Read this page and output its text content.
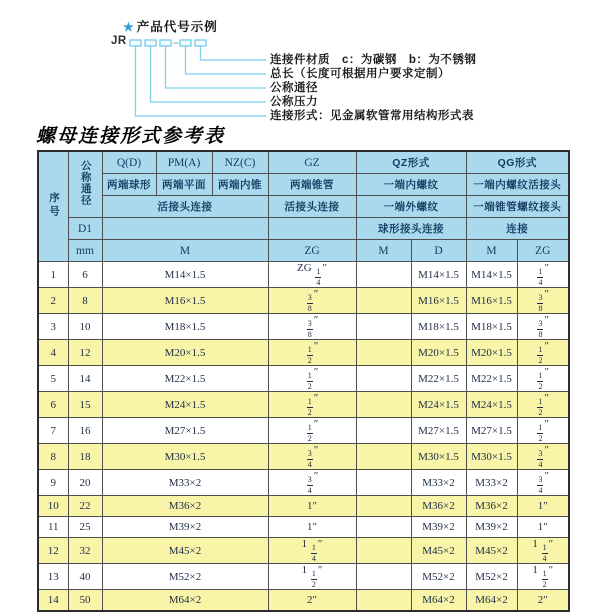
★ 产品代号示例
JR
连接件材质　c：为碳钢　b：为不锈钢
总长（长度可根据用户要求定制）
公称通径
公称压力
连接形式：见金属软管常用结构形式表
螺母连接形式参考表
序号	公称通径	Q(D)	PM(A)	NZ(C)	GZ	QZ形式		QG形式	
		两端球形	两端平面	两端内锥	两端锥管	一端内螺纹		一端内螺纹活接头	
		活接头连接			活接头连接	一端外螺纹		一端锥管螺纹接头	
	D1					球形接头连接		连接	
	mm	M			ZG	M	D	M	ZG
1	6	M14×1.5			ZG $\frac{1}{4}$ ″		M14×1.5	M14×1.5	$\frac{1}{4}$ ″
2	8	M16×1.5			$\frac{3}{8}$ ″		M16×1.5	M16×1.5	$\frac{3}{8}$ ″
3	10	M18×1.5			$\frac{3}{8}$ ″		M18×1.5	M18×1.5	$\frac{3}{8}$ ″
4	12	M20×1.5			$\frac{1}{2}$ ″		M20×1.5	M20×1.5	$\frac{1}{2}$ ″
5	14	M22×1.5			$\frac{1}{2}$ ″		M22×1.5	M22×1.5	$\frac{1}{2}$ ″
6	15	M24×1.5			$\frac{1}{2}$ ″		M24×1.5	M24×1.5	$\frac{1}{2}$ ″
7	16	M27×1.5			$\frac{1}{2}$ ″		M27×1.5	M27×1.5	$\frac{1}{2}$ ″
8	18	M30×1.5			$\frac{3}{4}$ ″		M30×1.5	M30×1.5	$\frac{3}{4}$ ″
9	20	M33×2			$\frac{3}{4}$ ″		M33×2	M33×2	$\frac{3}{4}$ ″
10	22	M36×2			1″		M36×2	M36×2	1″
11	25	M39×2			1″		M39×2	M39×2	1″
12	32	M45×2			$1 \frac{1}{4}$ ″		M45×2	M45×2	$1 \frac{1}{4}$ ″
13	40	M52×2			$1 \frac{1}{2}$ ″		M52×2	M52×2	$1 \frac{1}{2}$ ″
14	50	M64×2			2″		M64×2	M64×2	2″
